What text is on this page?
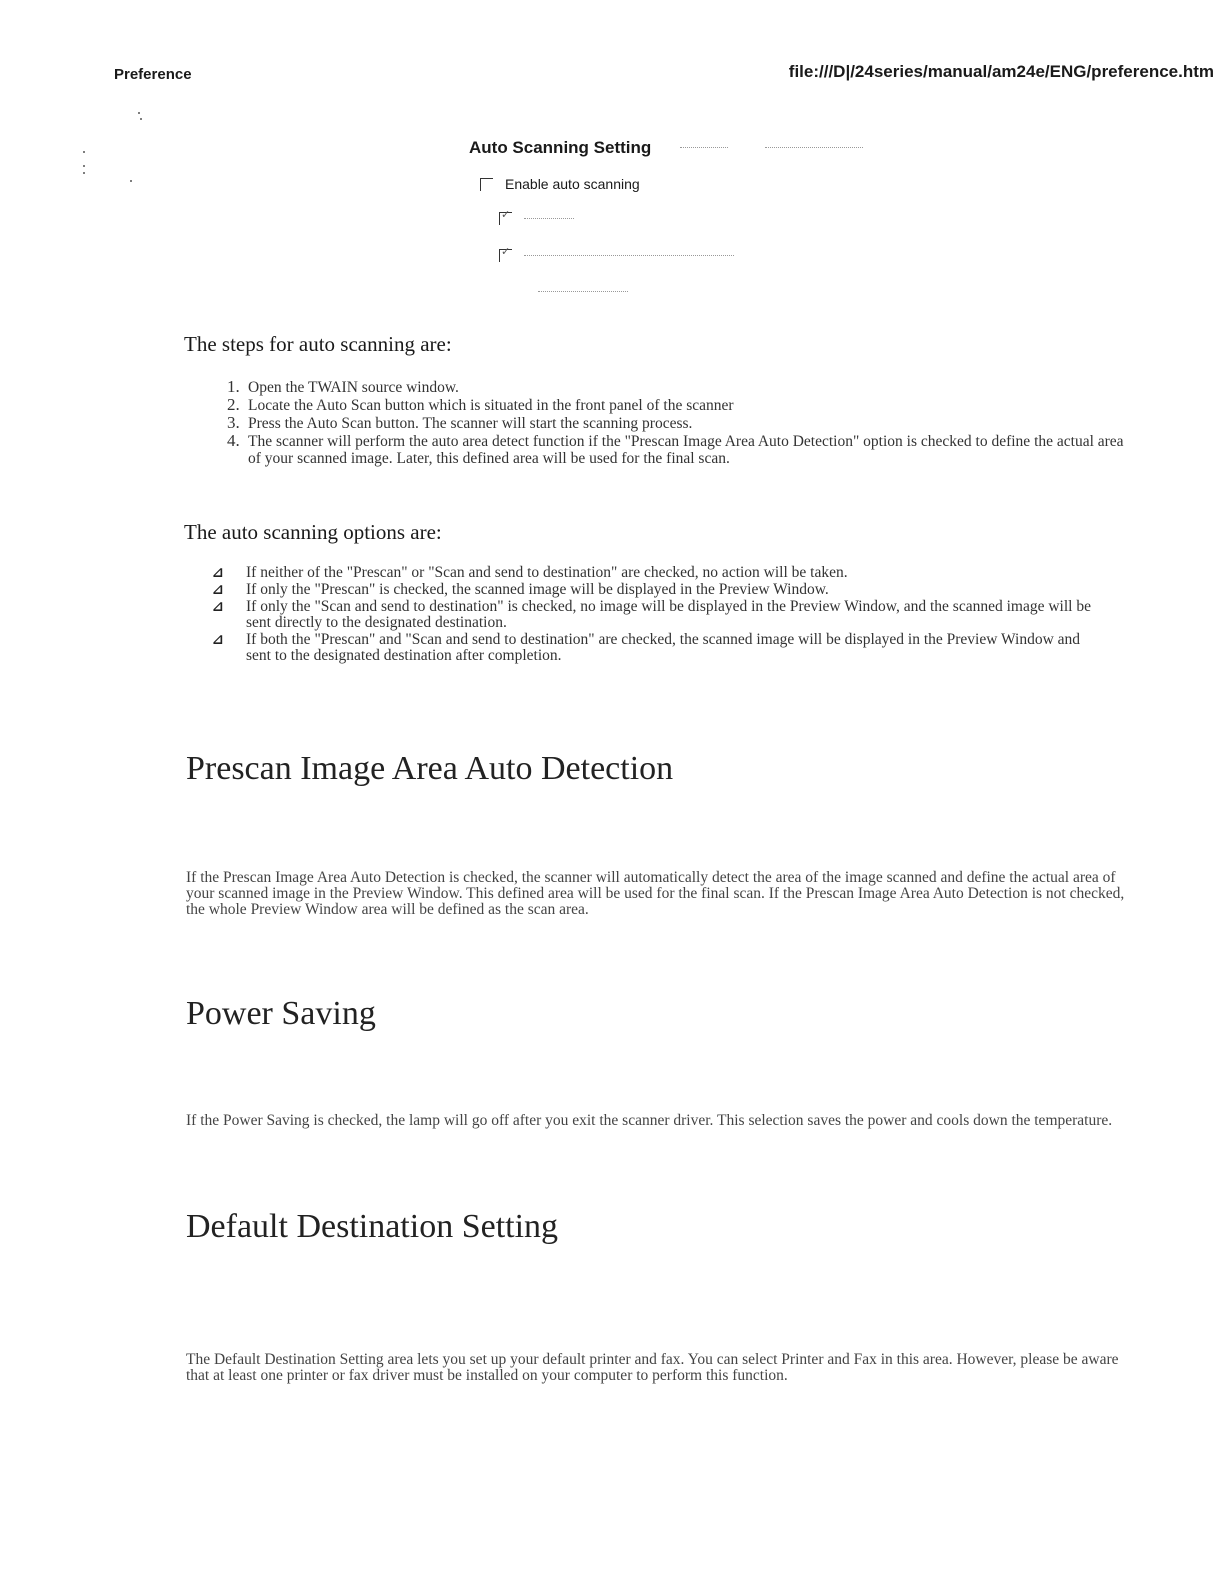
Preference	file:///D|/24series/manual/am24e/ENG/preference.htm
Auto Scanning Setting
Enable auto scanning
✓
✓
The steps for auto scanning are:
1. Open the TWAIN source window.
2. Locate the Auto Scan button which is situated in the front panel of the scanner
3. Press the Auto Scan button. The scanner will start the scanning process.
4. The scanner will perform the auto area detect function if the "Prescan Image Area Auto Detection" option is checked to define the actual area of your scanned image. Later, this defined area will be used for the final scan.
The auto scanning options are:
⊿ If neither of the "Prescan" or "Scan and send to destination" are checked, no action will be taken.
⊿ If only the "Prescan" is checked, the scanned image will be displayed in the Preview Window.
⊿ If only the "Scan and send to destination" is checked, no image will be displayed in the Preview Window, and the scanned image will be sent directly to the designated destination.
⊿ If both the "Prescan" and "Scan and send to destination" are checked, the scanned image will be displayed in the Preview Window and sent to the designated destination after completion.
Prescan Image Area Auto Detection
If the Prescan Image Area Auto Detection is checked, the scanner will automatically detect the area of the image scanned and define the actual area of your scanned image in the Preview Window. This defined area will be used for the final scan. If the Prescan Image Area Auto Detection is not checked, the whole Preview Window area will be defined as the scan area.
Power Saving
If the Power Saving is checked, the lamp will go off after you exit the scanner driver. This selection saves the power and cools down the temperature.
Default Destination Setting
The Default Destination Setting area lets you set up your default printer and fax. You can select Printer and Fax in this area. However, please be aware that at least one printer or fax driver must be installed on your computer to perform this function.
